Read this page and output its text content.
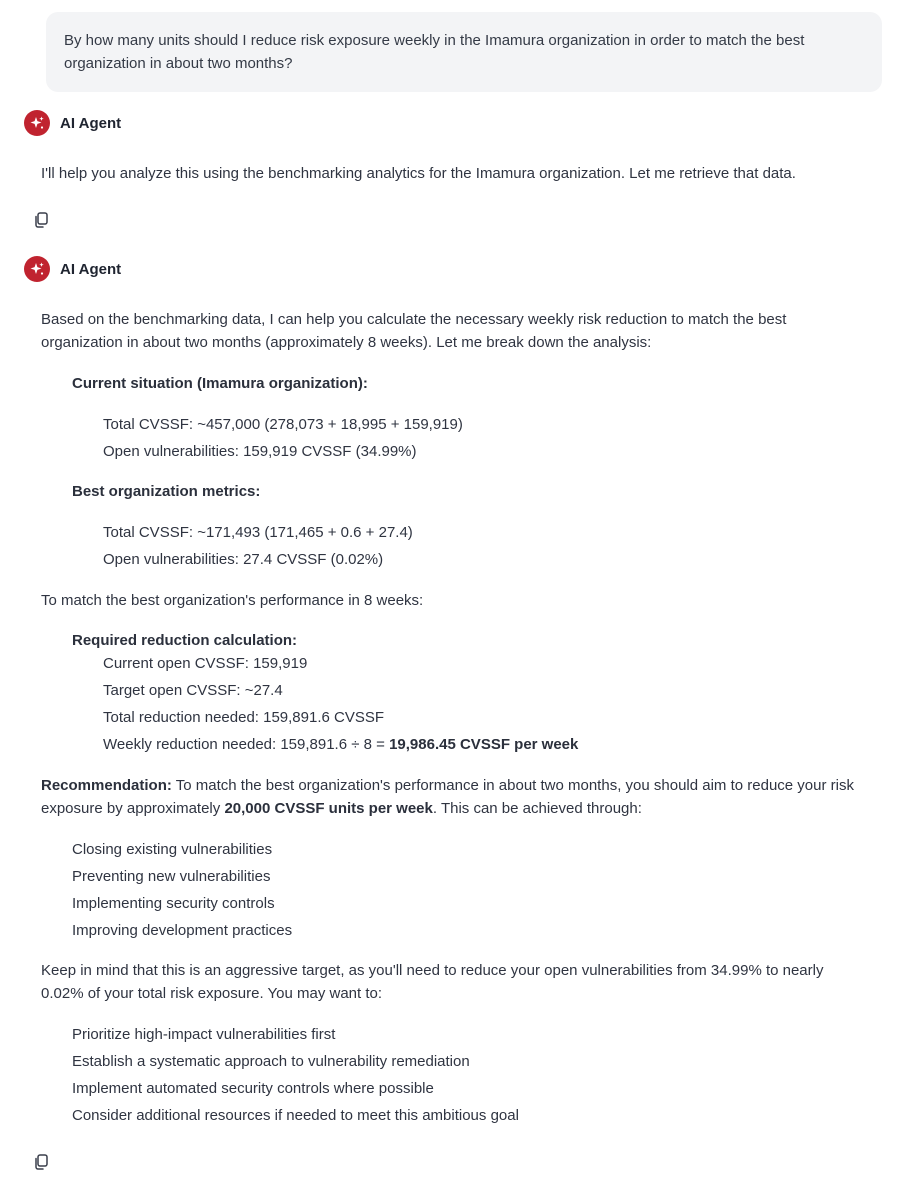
By how many units should I reduce risk exposure weekly in the Imamura organization in order to match the best organization in about two months?
AI Agent
I'll help you analyze this using the benchmarking analytics for the Imamura organization. Let me retrieve that data.
AI Agent
Based on the benchmarking data, I can help you calculate the necessary weekly risk reduction to match the best organization in about two months (approximately 8 weeks). Let me break down the analysis:
Current situation (Imamura organization):
Total CVSSF: ~457,000 (278,073 + 18,995 + 159,919)
Open vulnerabilities: 159,919 CVSSF (34.99%)
Best organization metrics:
Total CVSSF: ~171,493 (171,465 + 0.6 + 27.4)
Open vulnerabilities: 27.4 CVSSF (0.02%)
To match the best organization's performance in 8 weeks:
Required reduction calculation:
Current open CVSSF: 159,919
Target open CVSSF: ~27.4
Total reduction needed: 159,891.6 CVSSF
Weekly reduction needed: 159,891.6 ÷ 8 = 19,986.45 CVSSF per week
Recommendation: To match the best organization's performance in about two months, you should aim to reduce your risk exposure by approximately 20,000 CVSSF units per week. This can be achieved through:
Closing existing vulnerabilities
Preventing new vulnerabilities
Implementing security controls
Improving development practices
Keep in mind that this is an aggressive target, as you'll need to reduce your open vulnerabilities from 34.99% to nearly 0.02% of your total risk exposure. You may want to:
Prioritize high-impact vulnerabilities first
Establish a systematic approach to vulnerability remediation
Implement automated security controls where possible
Consider additional resources if needed to meet this ambitious goal
